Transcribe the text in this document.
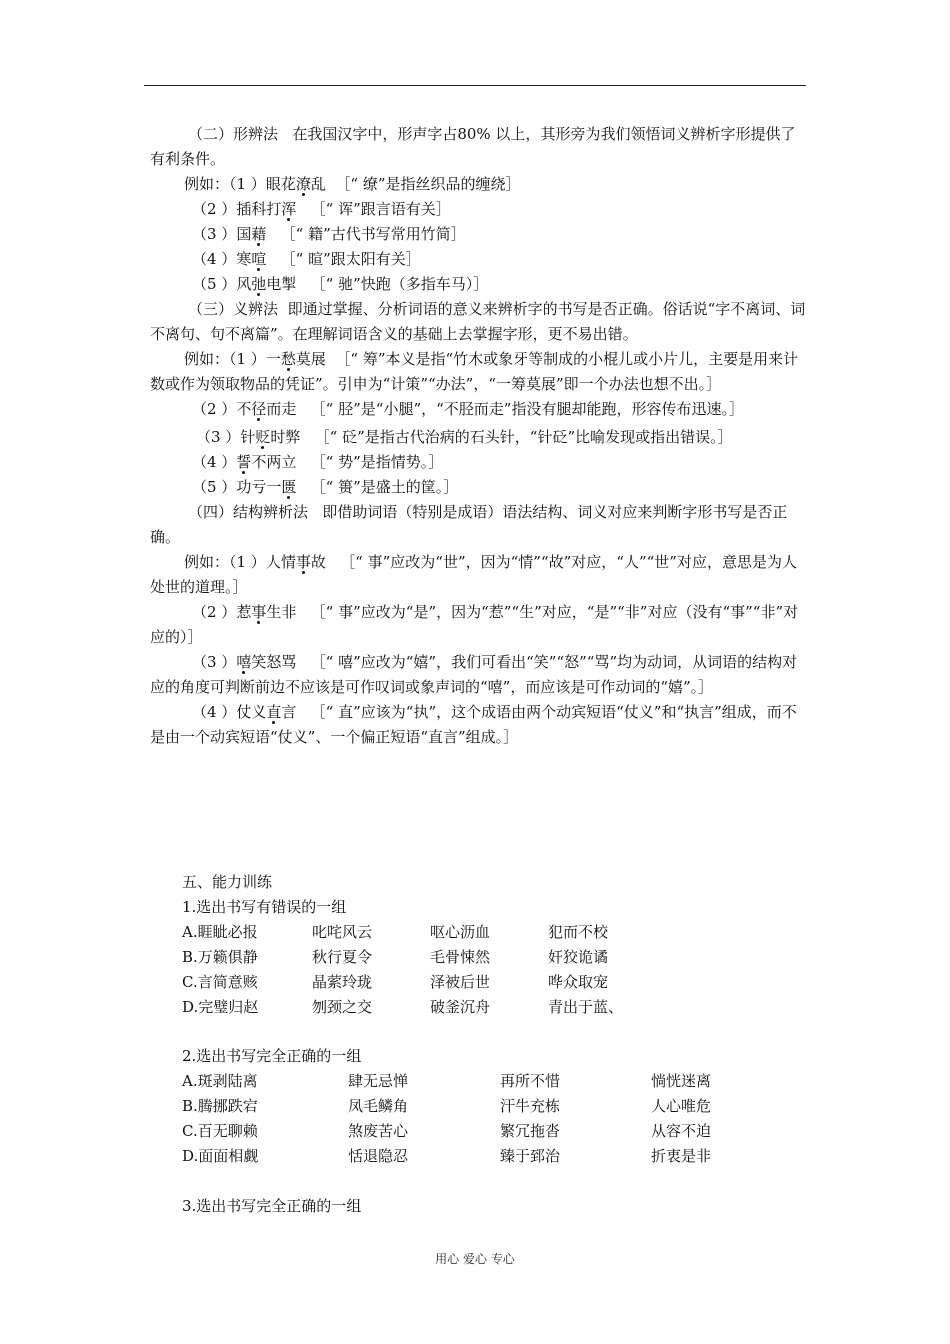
（二）形辨法 在我国汉字中，形声字占80% 以上，其形旁为我们领悟词义辨析字形提供了有利条件。

例如：（1 ）眼花潦乱 ［“ 缭”是指丝织品的缠绕］

（2 ）插科打浑 ［“ 诨”跟言语有关］

（3 ）国藉 ［“ 籍”古代书写常用竹简］

（4 ）寒喧 ［“ 暄”跟太阳有关］

（5 ）风弛电掣 ［“ 驰”快跑（多指车马）］

（三）义辨法 即通过掌握、分析词语的意义来辨析字的书写是否正确。俗话说“字不离词、词不离句、句不离篇”。在理解词语含义的基础上去掌握字形，更不易出错。

例如：（1 ）一愁莫展 ［“ 筹”本义是指“竹木或象牙等制成的小棍儿或小片儿，主要是用来计数或作为领取物品的凭证”。引申为“计策”“办法”，“一筹莫展”即一个办法也想不出。］

（2 ）不径而走 ［“ 胫”是“小腿”，“不胫而走”指没有腿却能跑，形容传布迅速。］

（3 ）针贬时弊 ［“ 砭”是指古代治病的石头针，“针砭”比喻发现或指出错误。］

（4 ）誓不两立 ［“ 势”是指情势。］

（5 ）功亏一匮 ［“ 篑”是盛土的筐。］

（四）结构辨析法 即借助词语（特别是成语）语法结构、词义对应来判断字形书写是否正确。

例如：（1 ）人情事故 ［“ 事”应改为“世”，因为“情”“故”对应，“人”“世”对应，意思是为人处世的道理。］

（2 ）惹事生非 ［“ 事”应改为“是”，因为“惹”“生”对应，“是”“非”对应（没有“事”“非”对应的）］

（3 ）嘻笑怒骂 ［“ 嘻”应改为“嬉”，我们可看出“笑”“怒”“骂”均为动词，从词语的结构对应的角度可判断前边不应该是可作叹词或象声词的“嘻”，而应该是可作动词的“嬉”。］

（4 ）仗义直言 ［“ 直”应该为“执”，这个成语由两个动宾短语“仗义”和“执言”组成，而不是由一个动宾短语“仗义”、一个偏正短语“直言”组成。］

五、能力训练
1.选出书写有错误的一组
A.睚眦必报	叱咤风云	呕心沥血	犯而不校
B.万籁俱静	秋行夏令	毛骨悚然	奸狡诡谲
C.言简意赅	晶萦玲珑	泽被后世	哗众取宠
D.完璧归赵	刎颈之交	破釜沉舟	青出于蓝、
2.选出书写完全正确的一组
A.斑剥陆离	肆无忌惮	再所不惜	惝恍迷离
B.腾挪跌宕	凤毛鳞角	汗牛充栋	人心唯危
C.百无聊赖	煞废苦心	繁冗拖沓	从容不迫
D.面面相觑	恬退隐忍	臻于郅治	折衷是非
3.选出书写完全正确的一组
用心 爱心 专心
